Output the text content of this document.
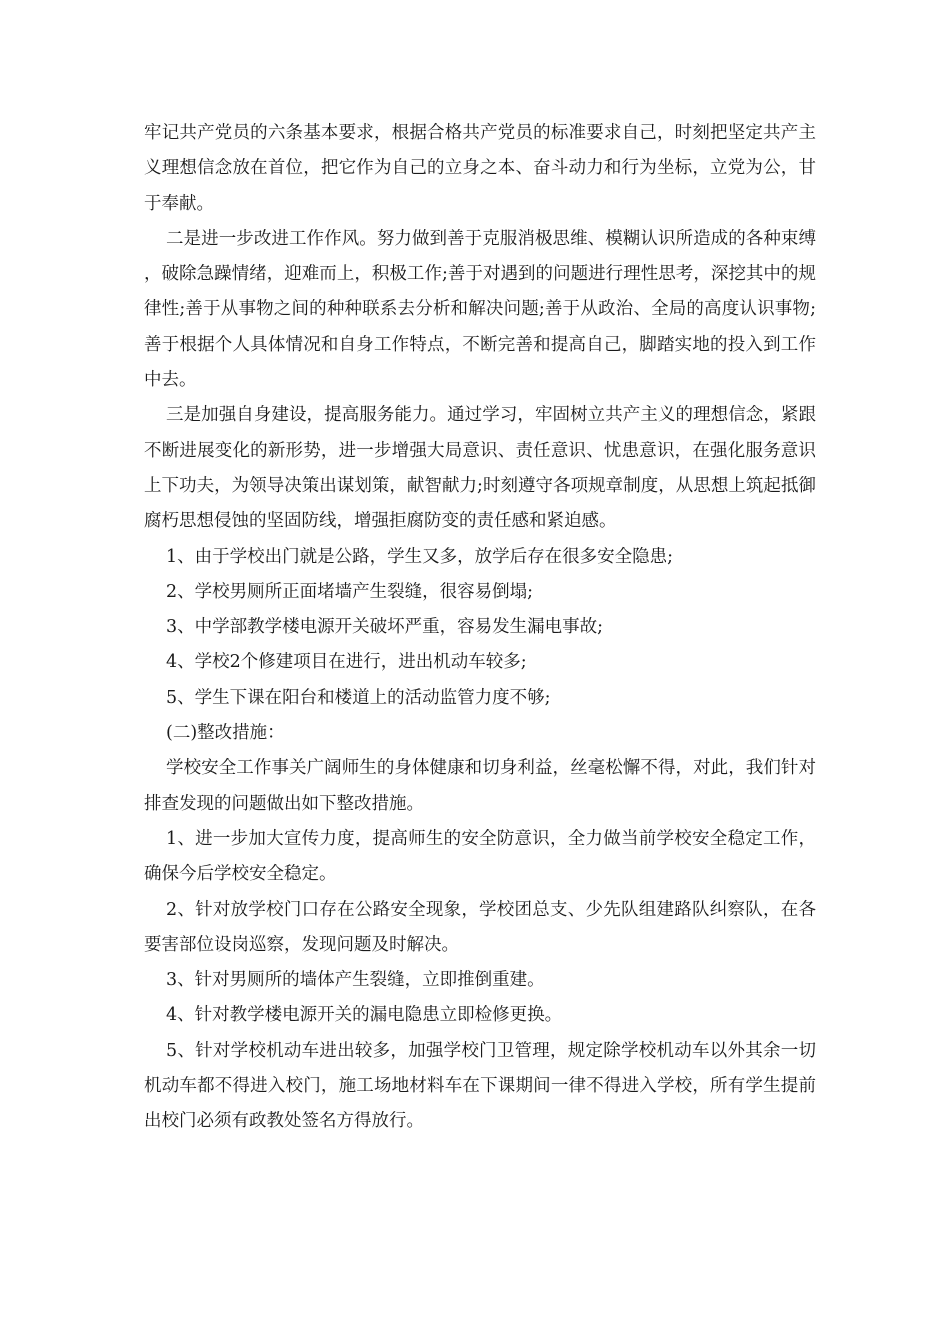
牢记共产党员的六条基本要求，根据合格共产党员的标准要求自己，时刻把坚定共产主义理想信念放在首位，把它作为自己的立身之本、奋斗动力和行为坐标，立党为公，甘于奉献。

二是进一步改进工作作风。努力做到善于克服消极思维、模糊认识所造成的各种束缚，破除急躁情绪，迎难而上，积极工作;善于对遇到的问题进行理性思考，深挖其中的规律性;善于从事物之间的种种联系去分析和解决问题;善于从政治、全局的高度认识事物;善于根据个人具体情况和自身工作特点，不断完善和提高自己，脚踏实地的投入到工作中去。

三是加强自身建设，提高服务能力。通过学习，牢固树立共产主义的理想信念，紧跟不断进展变化的新形势，进一步增强大局意识、责任意识、忧患意识，在强化服务意识上下功夫，为领导决策出谋划策，献智献力;时刻遵守各项规章制度，从思想上筑起抵御腐朽思想侵蚀的坚固防线，增强拒腐防变的责任感和紧迫感。

1、由于学校出门就是公路，学生又多，放学后存在很多安全隐患;

2、学校男厕所正面堵墙产生裂缝，很容易倒塌;

3、中学部教学楼电源开关破坏严重，容易发生漏电事故;

4、学校2个修建项目在进行，进出机动车较多;

5、学生下课在阳台和楼道上的活动监管力度不够;

(二)整改措施：

学校安全工作事关广阔师生的身体健康和切身利益，丝毫松懈不得，对此，我们针对排查发现的问题做出如下整改措施。

1、进一步加大宣传力度，提高师生的安全防意识，全力做当前学校安全稳定工作，确保今后学校安全稳定。

2、针对放学校门口存在公路安全现象，学校团总支、少先队组建路队纠察队，在各要害部位设岗巡察，发现问题及时解决。

3、针对男厕所的墙体产生裂缝，立即推倒重建。

4、针对教学楼电源开关的漏电隐患立即检修更换。

5、针对学校机动车进出较多，加强学校门卫管理，规定除学校机动车以外其余一切机动车都不得进入校门，施工场地材料车在下课期间一律不得进入学校，所有学生提前出校门必须有政教处签名方得放行。
